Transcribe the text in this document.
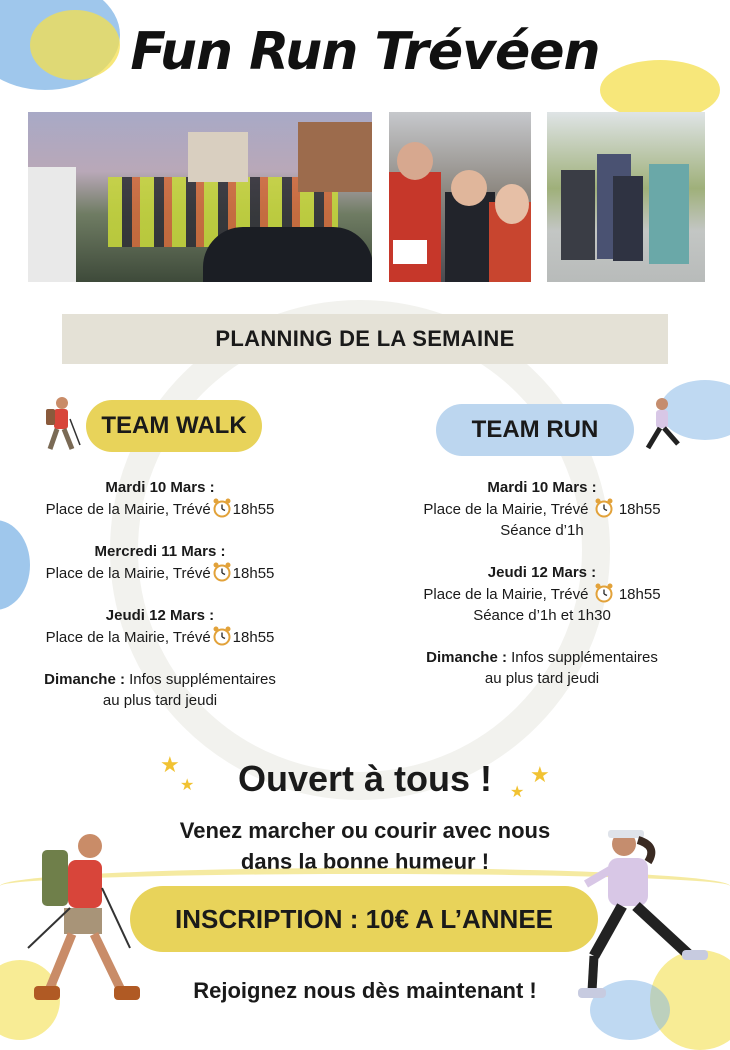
Fun Run Trévéen
PLANNING DE LA SEMAINE
TEAM WALK	TEAM RUN
Mardi 10 Mars :
Place de la Mairie, Trévé 18h55
Mercredi 11 Mars :
Place de la Mairie, Trévé 18h55
Jeudi 12 Mars :
Place de la Mairie, Trévé 18h55
Dimanche : Infos supplémentaires
au plus tard jeudi
Mardi 10 Mars :
Place de la Mairie, Trévé 18h55
Séance d’1h
Jeudi 12 Mars :
Place de la Mairie, Trévé 18h55
Séance d’1h et 1h30
Dimanche : Infos supplémentaires
au plus tard jeudi
★
★	★
★
Ouvert à tous !
Venez marcher ou courir avec nous
dans la bonne humeur !
INSCRIPTION : 10€ A L’ANNEE
Rejoignez nous dès maintenant !
